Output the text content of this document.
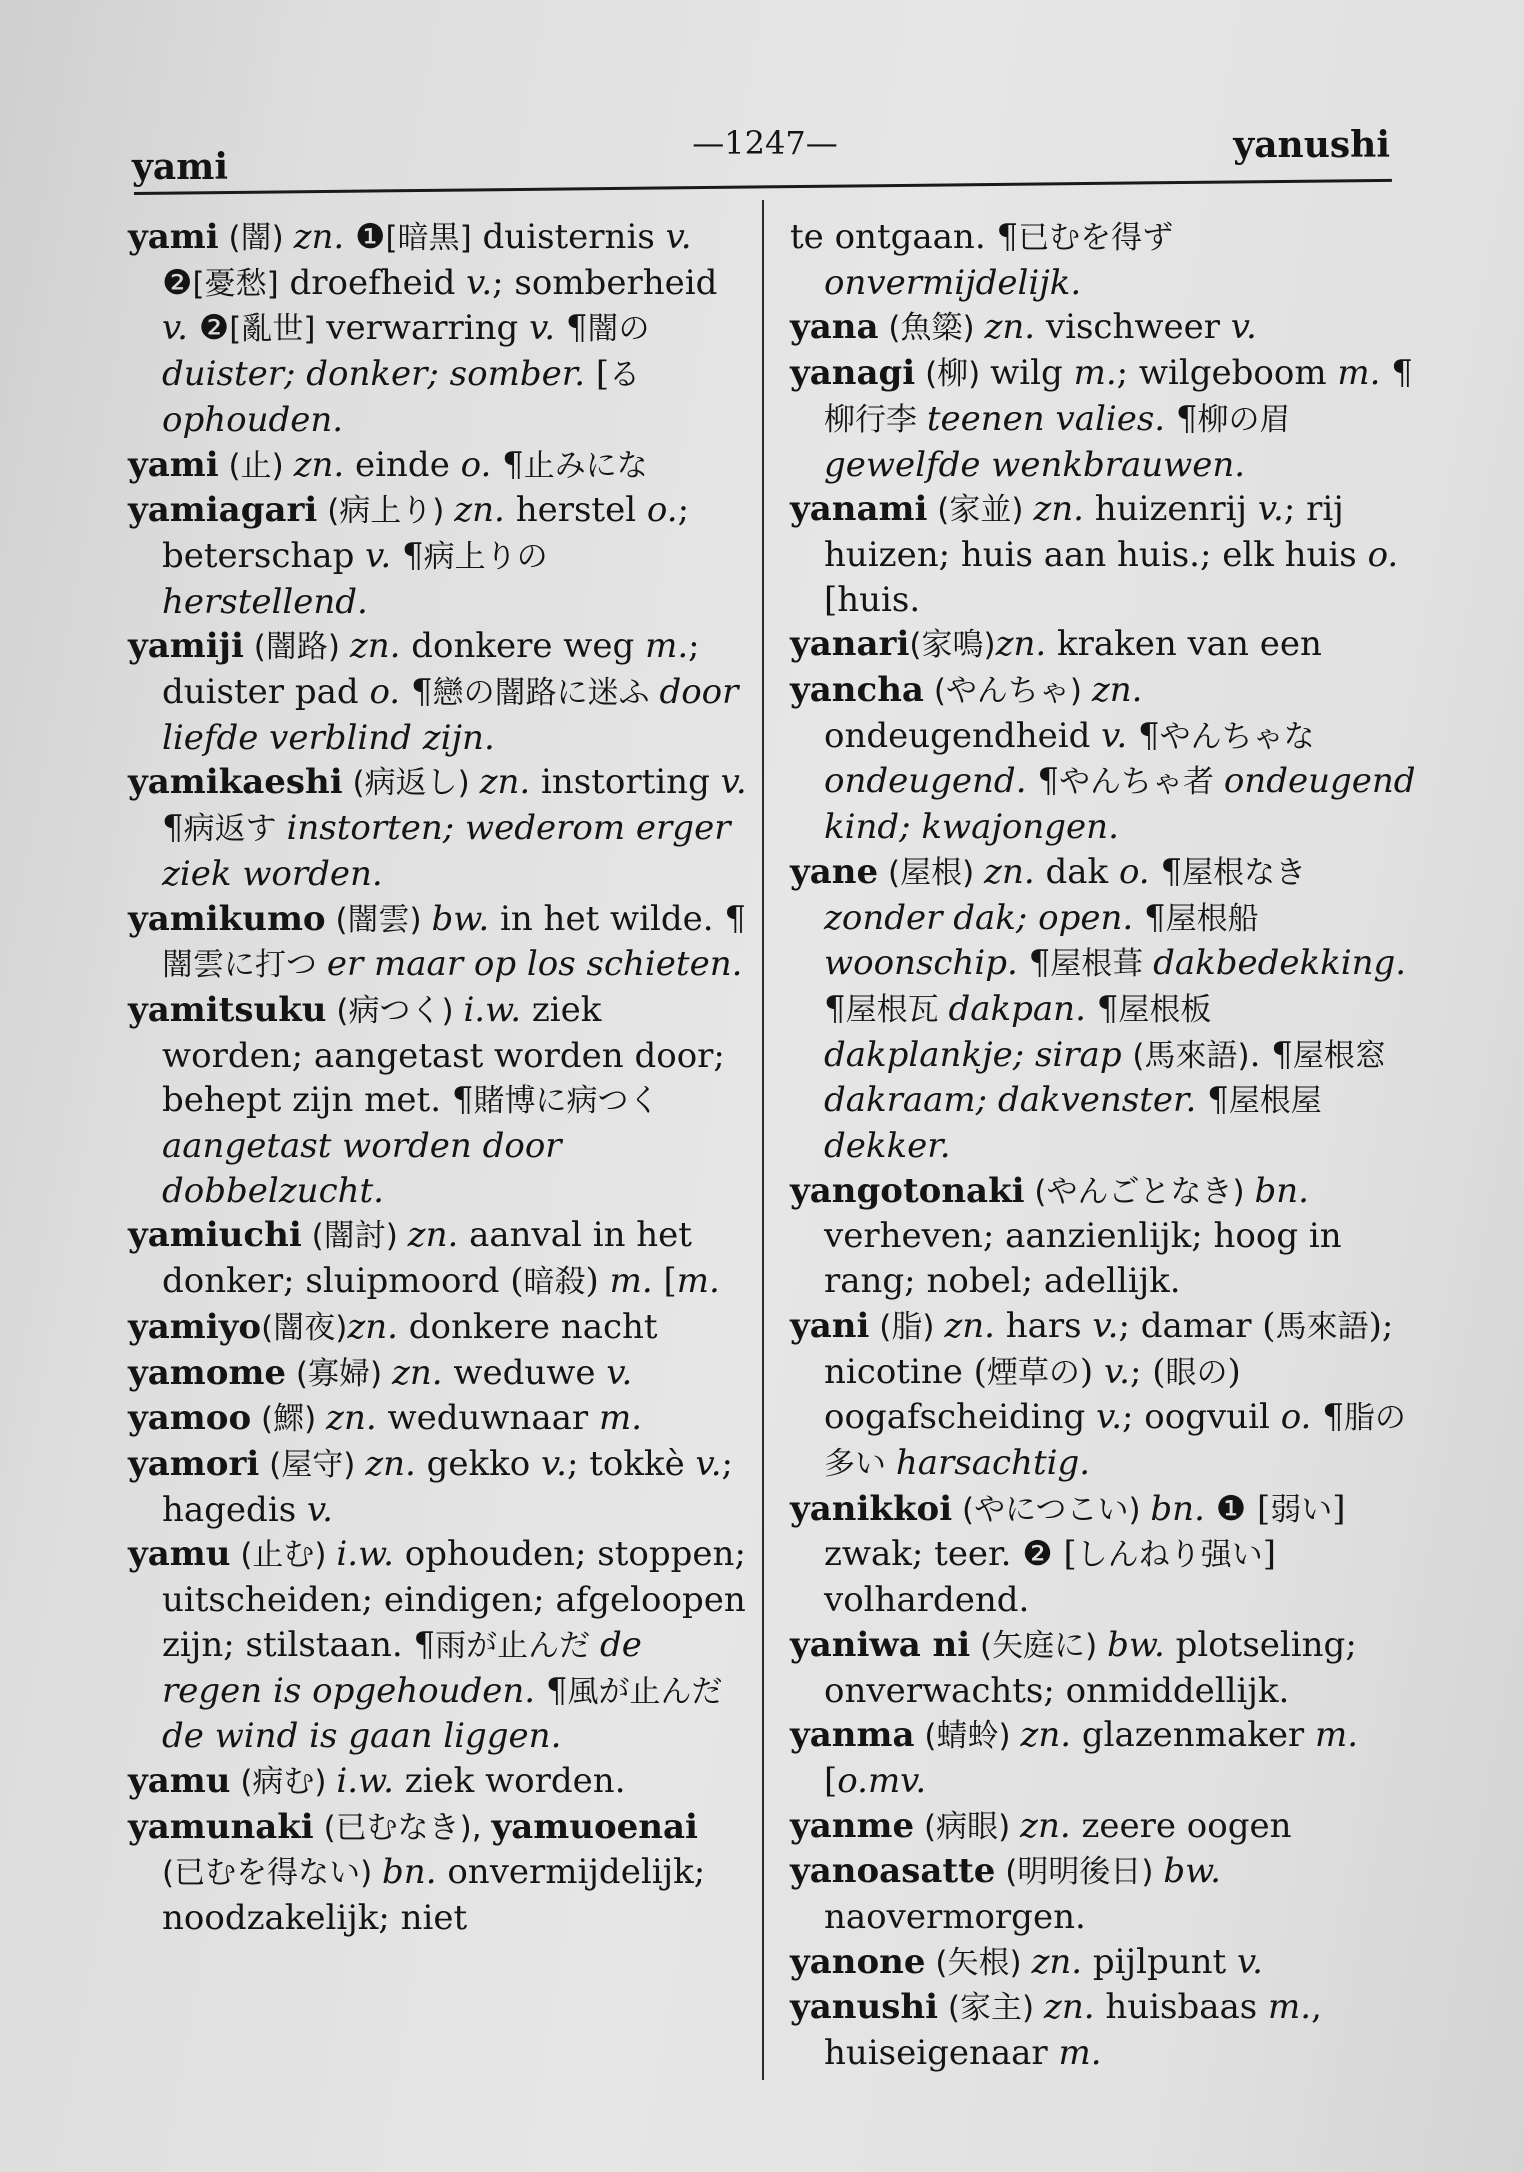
yami
—1247—	yanushi

yami (闇) zn. ❶[暗黒] duisternis v. ❷[憂愁] droefheid v.; somberheid v. ❷[亂世] verwarring v. ¶闇の duister; donker; somber. [る ophouden.

yami (止) zn. einde o. ¶止みにな

yamiagari (病上り) zn. herstel o.; beterschap v. ¶病上りの herstellend.

yamiji (闇路) zn. donkere weg m.; duister pad o. ¶戀の闇路に迷ふ door liefde verblind zijn.

yamikaeshi (病返し) zn. instorting v. ¶病返す instorten; wederom erger ziek worden.

yamikumo (闇雲) bw. in het wilde. ¶闇雲に打つ er maar op los schieten.

yamitsuku (病つく) i.w. ziek worden; aangetast worden door; behept zijn met. ¶賭博に病つく aangetast worden door dobbelzucht.

yamiuchi (闇討) zn. aanval in het donker; sluipmoord (暗殺) m. [m.

yamiyo(闇夜)zn. donkere nacht

yamome (寡婦) zn. weduwe v.

yamoo (鰥) zn. weduwnaar m.

yamori (屋守) zn. gekko v.; tokkè v.; hagedis v.

yamu (止む) i.w. ophouden; stoppen; uitscheiden; eindigen; afgeloopen zijn; stilstaan. ¶雨が止んだ de regen is opgehouden. ¶風が止んだ de wind is gaan liggen.

yamu (病む) i.w. ziek worden.

yamunaki (已むなき), yamuoenai (已むを得ない) bn. onvermijdelijk; noodzakelijk; niet

te ontgaan. ¶已むを得ず onvermijdelijk.

yana (魚簗) zn. vischweer v.

yanagi (柳) wilg m.; wilgeboom m. ¶柳行李 teenen valies. ¶柳の眉 gewelfde wenkbrauwen.

yanami (家並) zn. huizenrij v.; rij huizen; huis aan huis.; elk huis o. [huis.

yanari(家鳴)zn. kraken van een

yancha (やんちゃ) zn. ondeugendheid v. ¶やんちゃな ondeugend. ¶やんちゃ者 ondeugend kind; kwajongen.

yane (屋根) zn. dak o. ¶屋根なき zonder dak; open. ¶屋根船 woonschip. ¶屋根葺 dakbedekking. ¶屋根瓦 dakpan. ¶屋根板 dakplankje; sirap (馬來語). ¶屋根窓 dakraam; dakvenster. ¶屋根屋 dekker.

yangotonaki (やんごとなき) bn. verheven; aanzienlijk; hoog in rang; nobel; adellijk.

yani (脂) zn. hars v.; damar (馬來語); nicotine (煙草の) v.; (眼の) oogafscheiding v.; oogvuil o. ¶脂の多い harsachtig.

yanikkoi (やにつこい) bn. ❶ [弱い] zwak; teer. ❷ [しんねり强い] volhardend.

yaniwa ni (矢庭に) bw. plotseling; onverwachts; onmiddellijk.

yanma (蜻蛉) zn. glazenmaker m. [o.mv.

yanme (病眼) zn. zeere oogen

yanoasatte (明明後日) bw. naovermorgen.

yanone (矢根) zn. pijlpunt v.

yanushi (家主) zn. huisbaas m., huiseigenaar m.
